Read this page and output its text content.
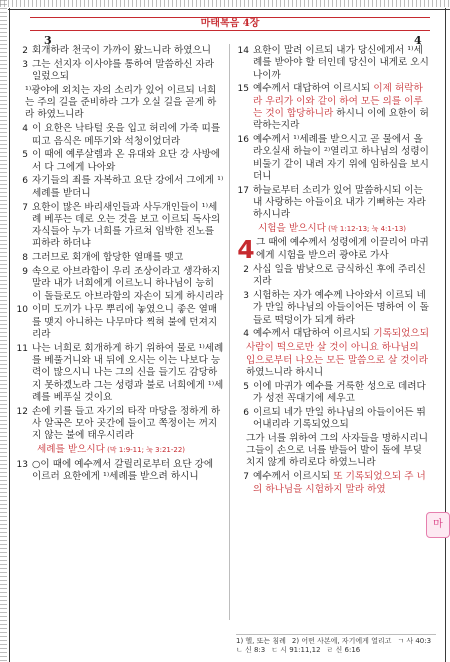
마태복음 4장
3	4
2 회개하라 천국이 가까이 왔느니라 하였으니
3 그는 선지자 이사야를 통하여 말씀하신 자라 일렀으되
¹⁾광야에 외치는 자의 소리가 있어 이르되 너희는 주의 길을 준비하라 그가 오실 길을 곧게 하라 하였느니라
4 이 요한은 낙타털 옷을 입고 허리에 가죽 띠를 띠고 음식은 메뚜기와 석청이었더라
5 이 때에 예루살렘과 온 유대와 요단 강 사방에서 다 그에게 나아와
6 자기들의 죄를 자복하고 요단 강에서 그에게 ¹⁾세례를 받더니
7 요한이 많은 바리새인들과 사두개인들이 ¹⁾세례 베푸는 데로 오는 것을 보고 이르되 독사의 자식들아 누가 너희를 가르쳐 임박한 진노를 피하라 하더냐
8 그러므로 회개에 합당한 열매를 맺고
9 속으로 아브라함이 우리 조상이라고 생각하지 말라 내가 너희에게 이르노니 하나님이 능히 이 돌들로도 아브라함의 자손이 되게 하시리라
10 이미 도끼가 나무 뿌리에 놓였으니 좋은 열매를 맺지 아니하는 나무마다 찍혀 불에 던져지리라
11 나는 너희로 회개하게 하기 위하여 물로 ¹⁾세례를 베풀거니와 내 뒤에 오시는 이는 나보다 능력이 많으시니 나는 그의 신을 들기도 감당하지 못하겠노라 그는 성령과 불로 너희에게 ¹⁾세례를 베푸실 것이요
12 손에 키를 들고 자기의 타작 마당을 정하게 하사 알곡은 모아 곳간에 들이고 쪽정이는 꺼지지 않는 불에 태우시리라
세례를 받으시다 (막 1:9-11; 눅 3:21-22)
13 ○이 때에 예수께서 갈릴리로부터 요단 강에 이르러 요한에게 ¹⁾세례를 받으려 하시니
14 요한이 말려 이르되 내가 당신에게서 ¹⁾세례를 받아야 할 터인데 당신이 내게로 오시나이까
15 예수께서 대답하여 이르시되 이제 허락하라 우리가 이와 같이 하여 모든 의를 이루는 것이 합당하니라 하시니 이에 요한이 허락하는지라
16 예수께서 ¹⁾세례를 받으시고 곧 물에서 올라오실새 하늘이 ²⁾열리고 하나님의 성령이 비둘기 같이 내려 자기 위에 임하심을 보시더니
17 하늘로부터 소리가 있어 말씀하시되 이는 내 사랑하는 아들이요 내가 기뻐하는 자라 하시니라
시험을 받으시다 (막 1:12-13; 눅 4:1-13)
4 그 때에 예수께서 성령에게 이끌리어 마귀에게 시험을 받으러 광야로 가사
2 사십 일을 밤낮으로 금식하신 후에 주리신지라
3 시험하는 자가 예수께 나아와서 이르되 네가 만일 하나님의 아들이어든 명하여 이 돌들로 떡덩이가 되게 하라
4 예수께서 대답하여 이르시되 기록되었으되
사람이 떡으로만 살 것이 아니요 하나님의 입으로부터 나오는 모든 말씀으로 살 것이라
하였느니라 하시니
5 이에 마귀가 예수를 거룩한 성으로 데려다가 성전 꼭대기에 세우고
6 이르되 네가 만일 하나님의 아들이어든 뛰어내리라 기록되었으되
그가 너를 위하여 그의 사자들을 명하시리니 그들이 손으로 너를 받들어 발이 돌에 부딪치지 않게 하리로다 하였느니라
7 예수께서 이르시되 또 기록되었으되 주 너의 하나님을 시험하지 말라 하였
1) 헬, 또는 침례 2) 어떤 사본에, 자기에게 열리고 ㄱ 사 40:3
ㄴ 신 8:3 ㄷ 시 91:11,12 ㄹ 신 6:16
마
